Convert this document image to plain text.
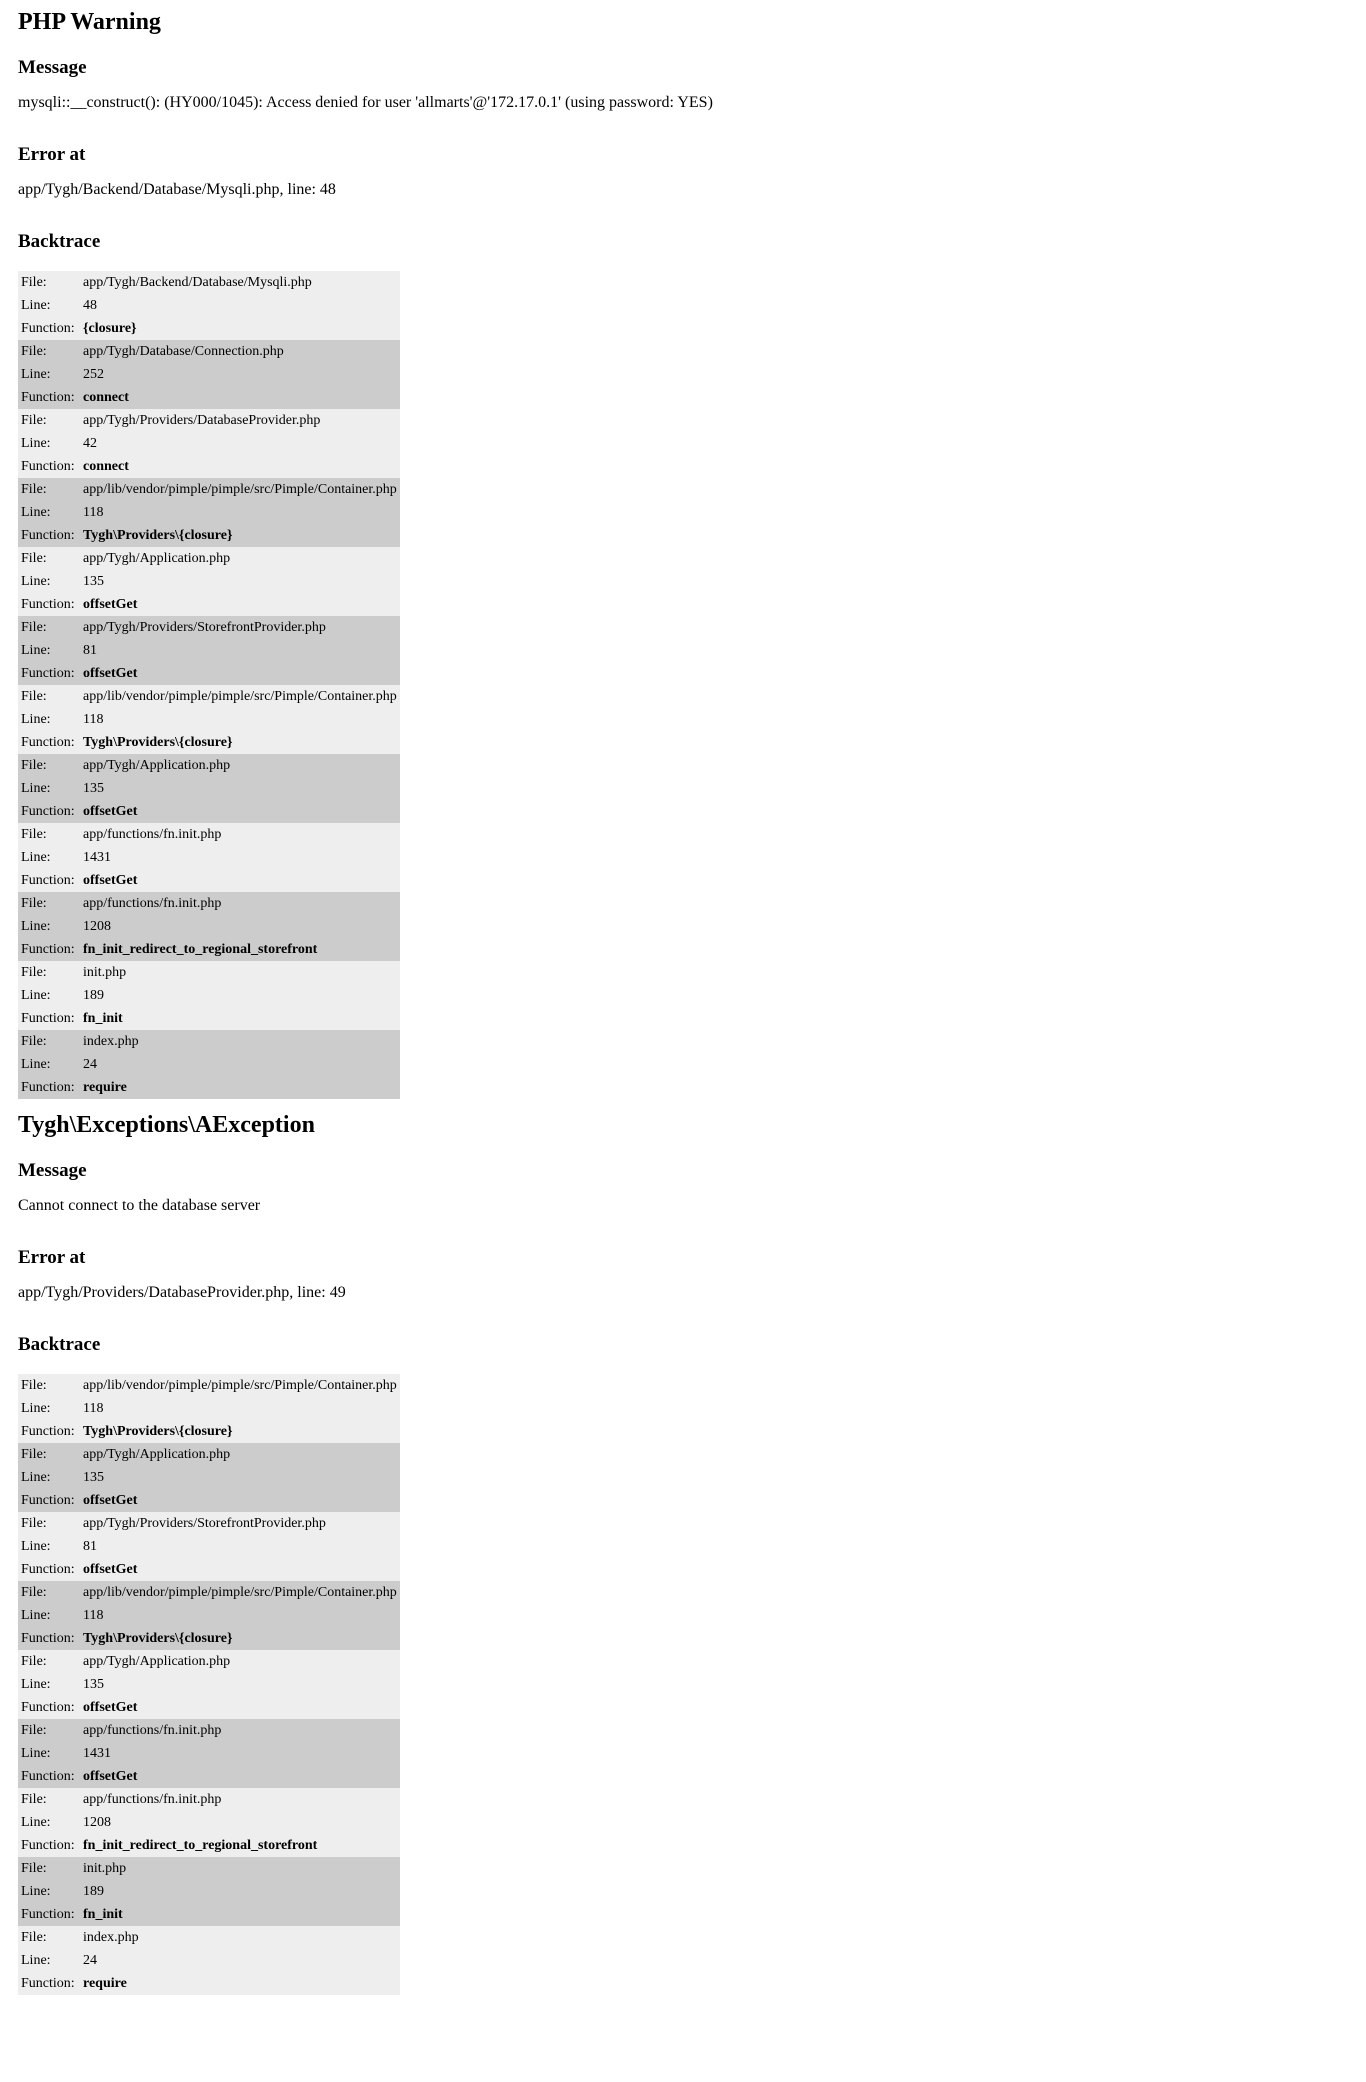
PHP Warning
Message

mysqli::__construct(): (HY000/1045): Access denied for user 'allmarts'@'172.17.0.1' (using password: YES)

Error at

app/Tygh/Backend/Database/Mysqli.php, line: 48

Backtrace
File:	app/Tygh/Backend/Database/Mysqli.php
Line:	48
Function:	{closure}
File:	app/Tygh/Database/Connection.php
Line:	252
Function:	connect
File:	app/Tygh/Providers/DatabaseProvider.php
Line:	42
Function:	connect
File:	app/lib/vendor/pimple/pimple/src/Pimple/Container.php
Line:	118
Function:	Tygh\Providers\{closure}
File:	app/Tygh/Application.php
Line:	135
Function:	offsetGet
File:	app/Tygh/Providers/StorefrontProvider.php
Line:	81
Function:	offsetGet
File:	app/lib/vendor/pimple/pimple/src/Pimple/Container.php
Line:	118
Function:	Tygh\Providers\{closure}
File:	app/Tygh/Application.php
Line:	135
Function:	offsetGet
File:	app/functions/fn.init.php
Line:	1431
Function:	offsetGet
File:	app/functions/fn.init.php
Line:	1208
Function:	fn_init_redirect_to_regional_storefront
File:	init.php
Line:	189
Function:	fn_init
File:	index.php
Line:	24
Function:	require
Tygh\Exceptions\AException
Message

Cannot connect to the database server

Error at

app/Tygh/Providers/DatabaseProvider.php, line: 49

Backtrace
File:	app/lib/vendor/pimple/pimple/src/Pimple/Container.php
Line:	118
Function:	Tygh\Providers\{closure}
File:	app/Tygh/Application.php
Line:	135
Function:	offsetGet
File:	app/Tygh/Providers/StorefrontProvider.php
Line:	81
Function:	offsetGet
File:	app/lib/vendor/pimple/pimple/src/Pimple/Container.php
Line:	118
Function:	Tygh\Providers\{closure}
File:	app/Tygh/Application.php
Line:	135
Function:	offsetGet
File:	app/functions/fn.init.php
Line:	1431
Function:	offsetGet
File:	app/functions/fn.init.php
Line:	1208
Function:	fn_init_redirect_to_regional_storefront
File:	init.php
Line:	189
Function:	fn_init
File:	index.php
Line:	24
Function:	require
